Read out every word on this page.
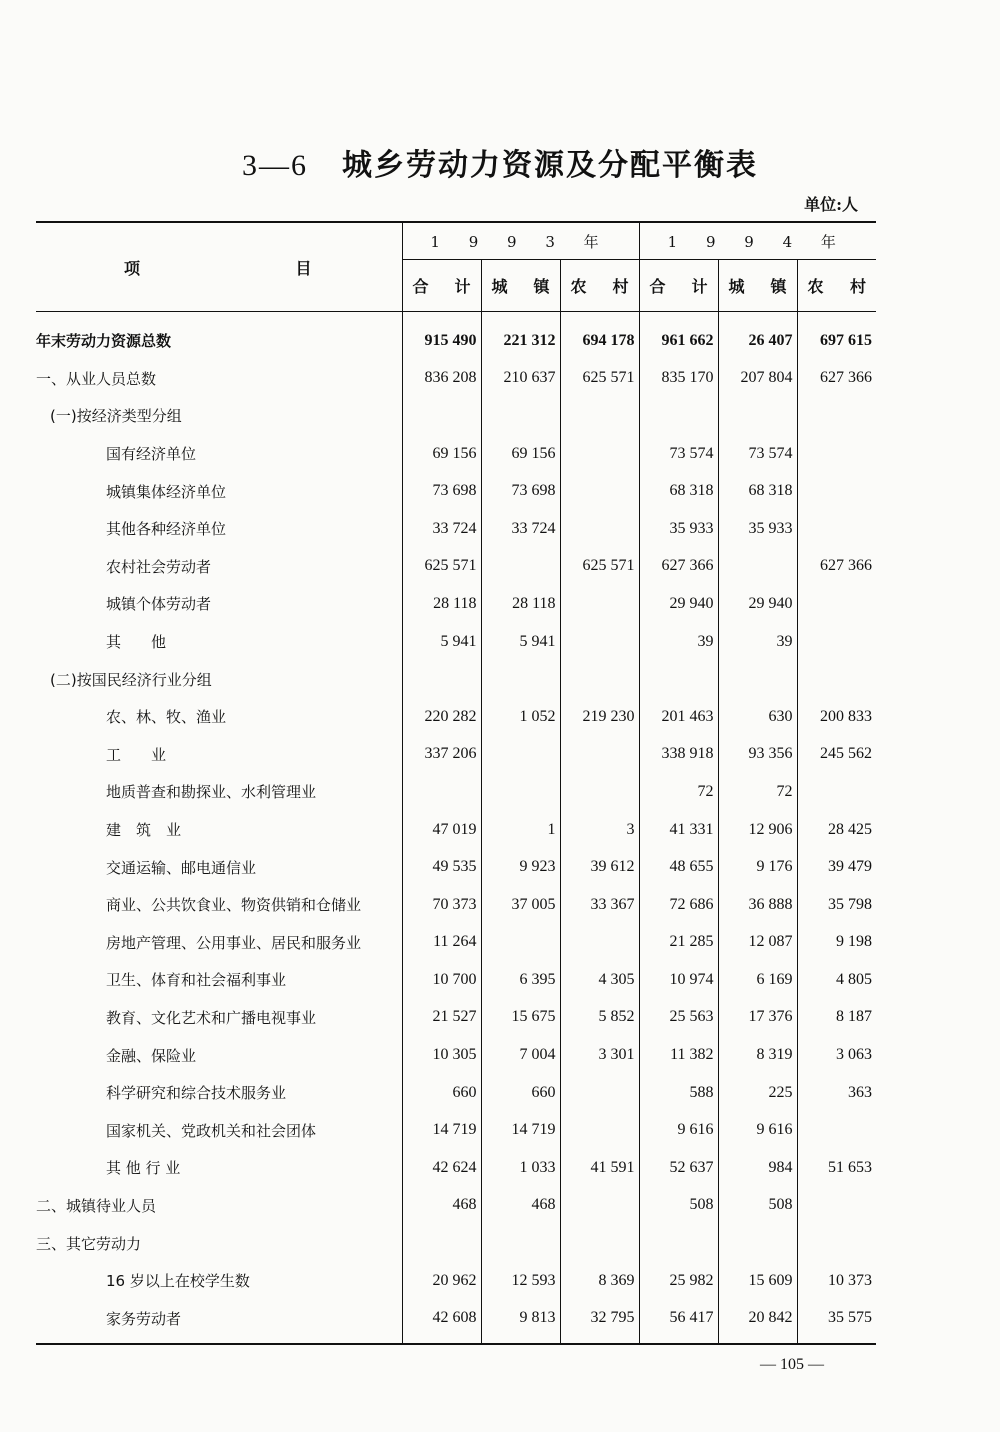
3—6 城乡劳动力资源及分配平衡表
单位:人
项 目	1 9 9 3 年			1 9 9 4 年		

	合 计	城 镇	农 村	合 计	城 镇	农 村

年末劳动力资源总数	915 490	221 312	694 178	961 662	26 407	697 615
一、从业人员总数	836 208	210 637	625 571	835 170	207 804	627 366
(一)按经济类型分组						
国有经济单位	69 156	69 156		73 574	73 574	
城镇集体经济单位	73 698	73 698		68 318	68 318	
其他各种经济单位	33 724	33 724		35 933	35 933	
农村社会劳动者	625 571		625 571	627 366		627 366
城镇个体劳动者	28 118	28 118		29 940	29 940	
其　　他	5 941	5 941		39	39	
(二)按国民经济行业分组						
农、林、牧、渔业	220 282	1 052	219 230	201 463	630	200 833
工　　业	337 206			338 918	93 356	245 562
地质普查和勘探业、水利管理业				72	72	
建　筑　业	47 019	1	3	41 331	12 906	28 425
交通运输、邮电通信业	49 535	9 923	39 612	48 655	9 176	39 479
商业、公共饮食业、物资供销和仓储业	70 373	37 005	33 367	72 686	36 888	35 798
房地产管理、公用事业、居民和服务业	11 264			21 285	12 087	9 198
卫生、体育和社会福利事业	10 700	6 395	4 305	10 974	6 169	4 805
教育、文化艺术和广播电视事业	21 527	15 675	5 852	25 563	17 376	8 187
金融、保险业	10 305	7 004	3 301	11 382	8 319	3 063
科学研究和综合技术服务业	660	660		588	225	363
国家机关、党政机关和社会团体	14 719	14 719		9 616	9 616	
其 他 行 业	42 624	1 033	41 591	52 637	984	51 653
二、城镇待业人员	468	468		508	508	
三、其它劳动力						
16 岁以上在校学生数	20 962	12 593	8 369	25 982	15 609	10 373
家务劳动者	42 608	9 813	32 795	56 417	20 842	35 575
— 105 —
